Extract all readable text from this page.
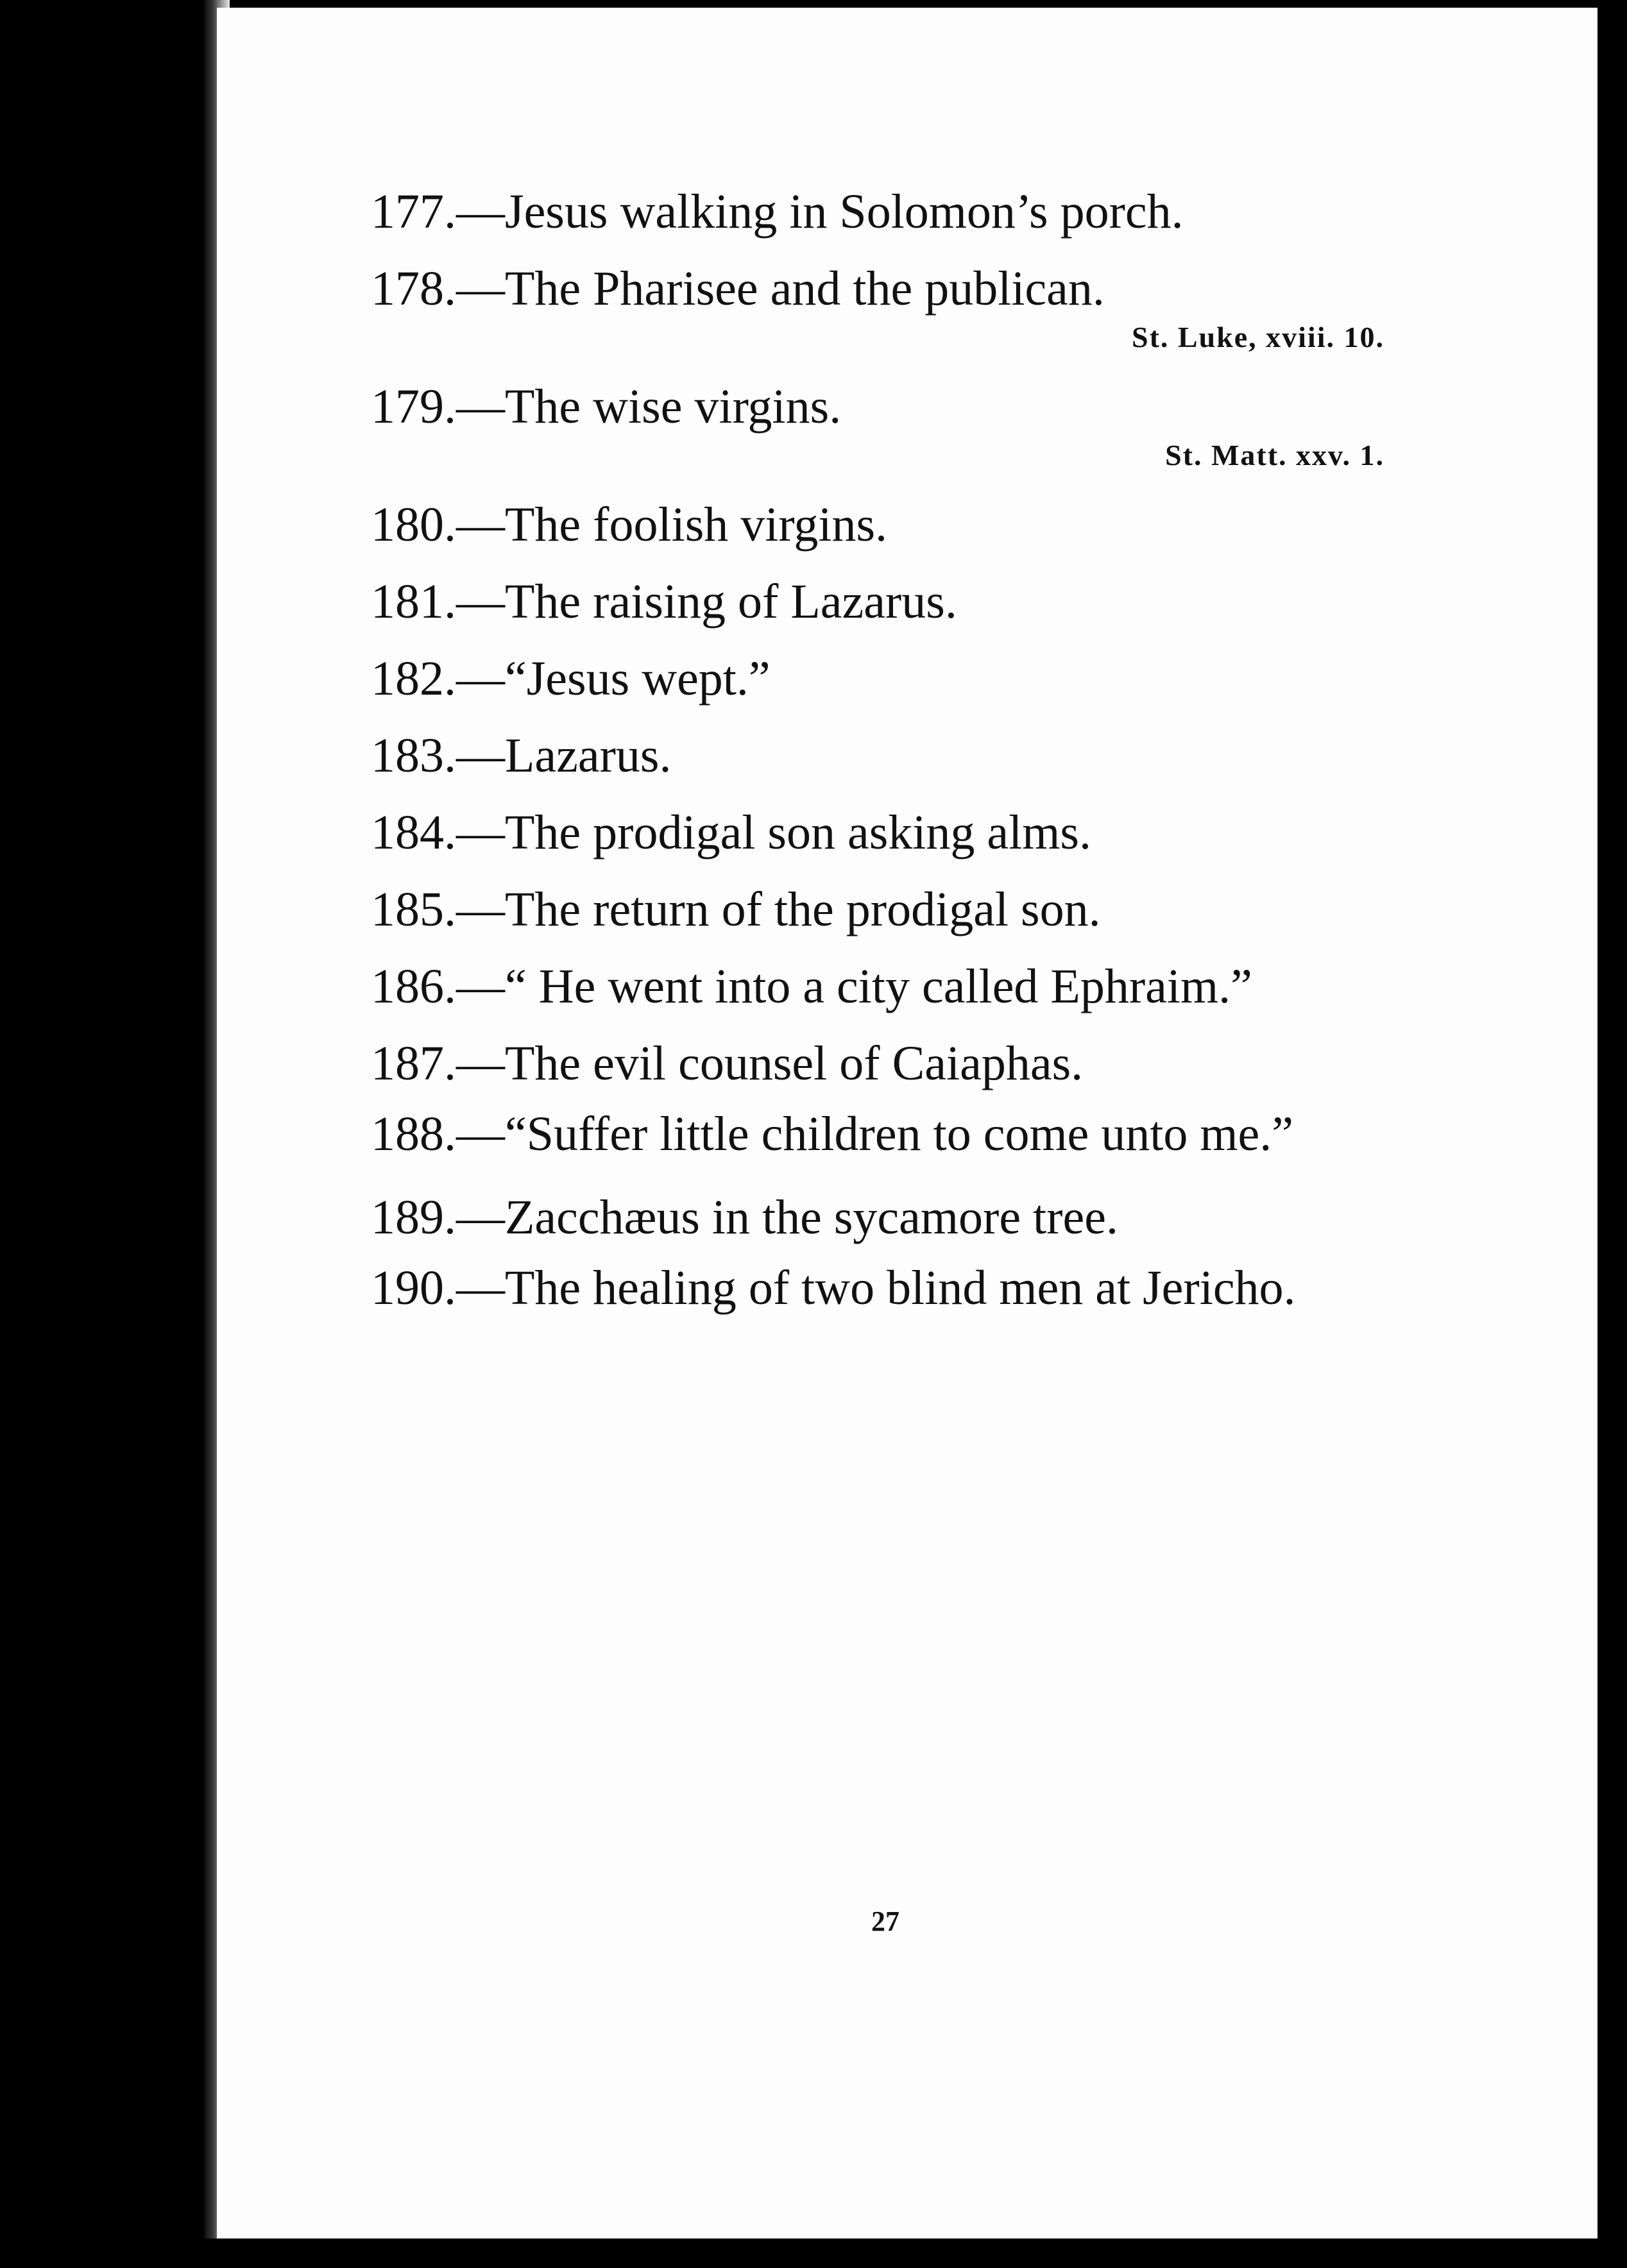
177.—Jesus walking in Solomon’s porch.
178.—The Pharisee and the publican.
St. Luke, xviii. 10.
179.—The wise virgins.
St. Matt. xxv. 1.
180.—The foolish virgins.
181.—The raising of Lazarus.
182.—“Jesus wept.”
183.—Lazarus.
184.—The prodigal son asking alms.
185.—The return of the prodigal son.
186.—“ He went into a city called Ephraim.”
187.—The evil counsel of Caiaphas.
188.—“Suffer little children to come unto me.”
189.—Zacchæus in the sycamore tree.
190.—The healing of two blind men at Jericho.
27
